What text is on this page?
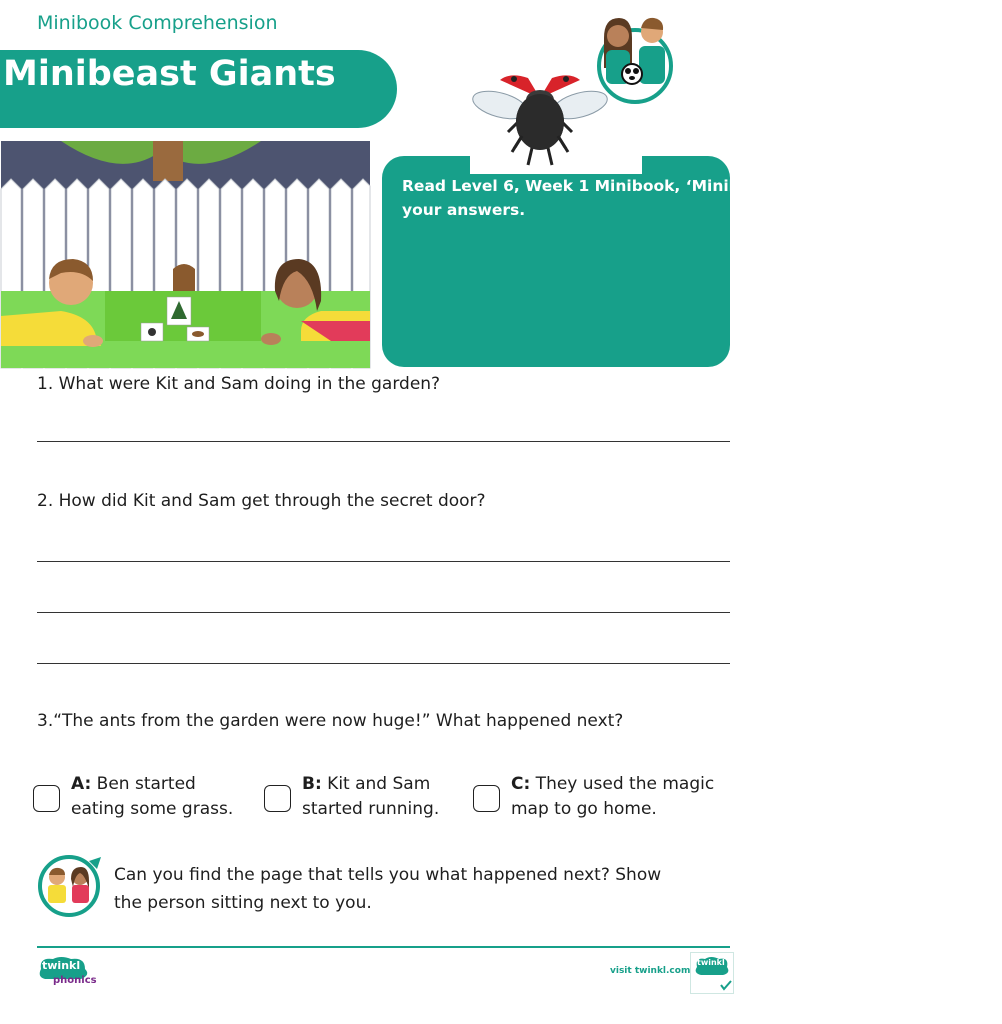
Minibook Comprehension
Minibeast Giants
Read Level 6, Week 1 Minibook, ‘Minibeast Giants’ and write
your answers.
1. What were Kit and Sam doing in the garden?
2. How did Kit and Sam get through the secret door?
3.“The ants from the garden were now huge!” What happened next?
A: Ben started
eating some grass.
B: Kit and Sam
started running.
C: They used the magic
map to go home.
Can you find the page that tells you what happened next? Show
the person sitting next to you.
twinkl
phonics
visit twinkl.com
twinkl
